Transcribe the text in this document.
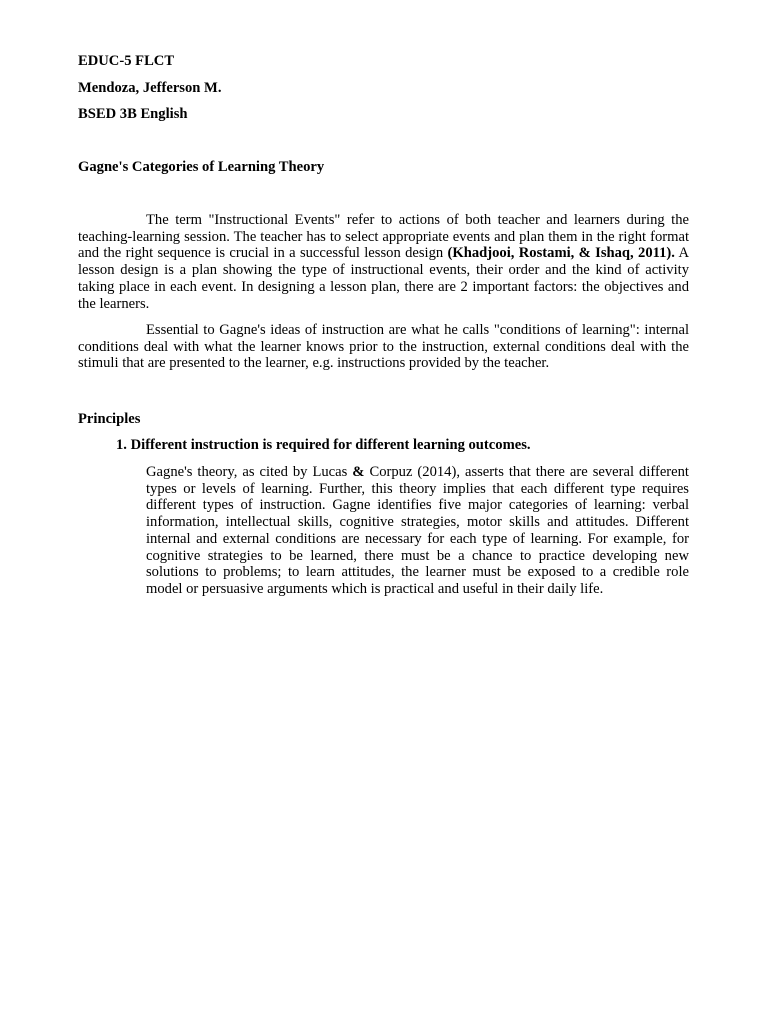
EDUC-5 FLCT
Mendoza, Jefferson M.
BSED 3B English
Gagne's Categories of Learning Theory

The term "Instructional Events" refer to actions of both teacher and learners during the teaching-learning session. The teacher has to select appropriate events and plan them in the right format and the right sequence is crucial in a successful lesson design (Khadjooi, Rostami, & Ishaq, 2011). A lesson design is a plan showing the type of instructional events, their order and the kind of activity taking place in each event. In designing a lesson plan, there are 2 important factors: the objectives and the learners.

Essential to Gagne's ideas of instruction are what he calls "conditions of learning": internal conditions deal with what the learner knows prior to the instruction, external conditions deal with the stimuli that are presented to the learner, e.g. instructions provided by the teacher.

Principles
1. Different instruction is required for different learning outcomes.

Gagne's theory, as cited by Lucas & Corpuz (2014), asserts that there are several different types or levels of learning. Further, this theory implies that each different type requires different types of instruction. Gagne identifies five major categories of learning: verbal information, intellectual skills, cognitive strategies, motor skills and attitudes. Different internal and external conditions are necessary for each type of learning. For example, for cognitive strategies to be learned, there must be a chance to practice developing new solutions to problems; to learn attitudes, the learner must be exposed to a credible role model or persuasive arguments which is practical and useful in their daily life.
